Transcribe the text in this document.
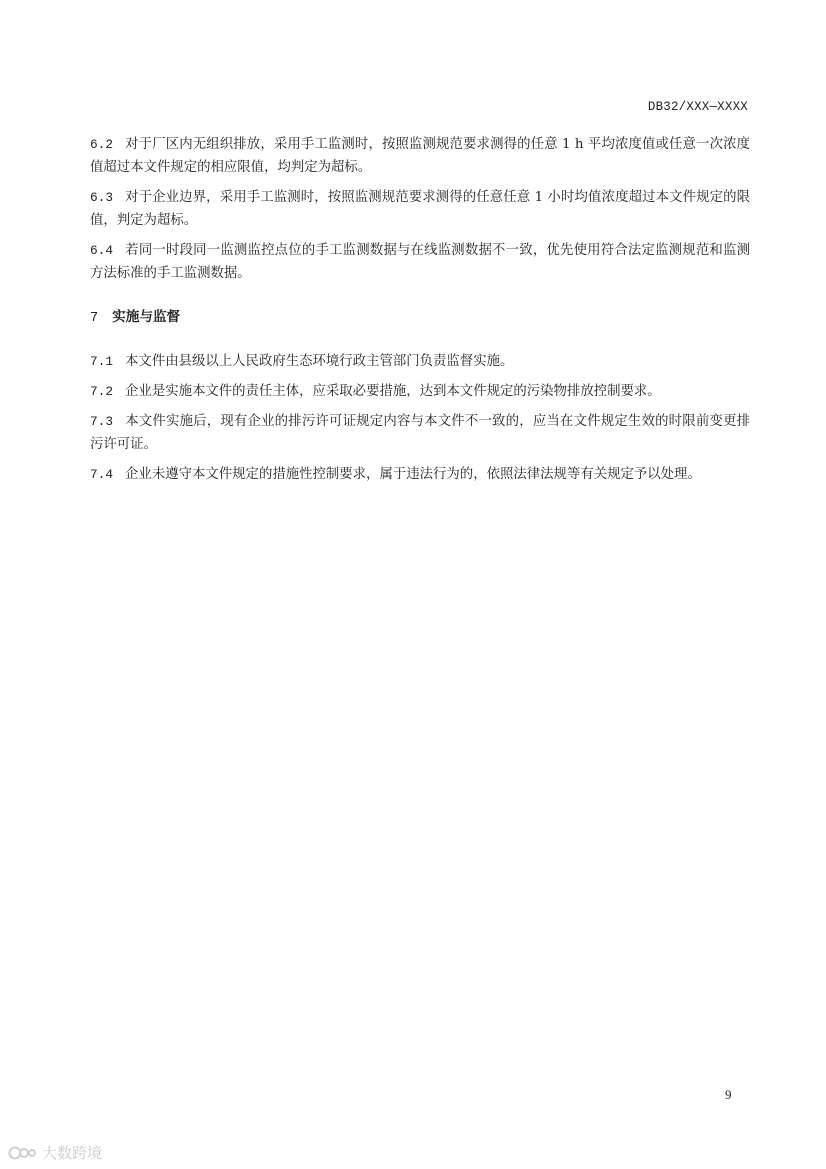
DB32/XXX—XXXX

6.2 对于厂区内无组织排放，采用手工监测时，按照监测规范要求测得的任意 1 h 平均浓度值或任意一次浓度值超过本文件规定的相应限值，均判定为超标。

6.3 对于企业边界，采用手工监测时，按照监测规范要求测得的任意任意 1 小时均值浓度超过本文件规定的限值，判定为超标。

6.4 若同一时段同一监测监控点位的手工监测数据与在线监测数据不一致，优先使用符合法定监测规范和监测方法标准的手工监测数据。

7 实施与监督

7.1 本文件由县级以上人民政府生态环境行政主管部门负责监督实施。

7.2 企业是实施本文件的责任主体，应采取必要措施，达到本文件规定的污染物排放控制要求。

7.3 本文件实施后，现有企业的排污许可证规定内容与本文件不一致的，应当在文件规定生效的时限前变更排污许可证。

7.4 企业未遵守本文件规定的措施性控制要求，属于违法行为的，依照法律法规等有关规定予以处理。

9
大数跨境
